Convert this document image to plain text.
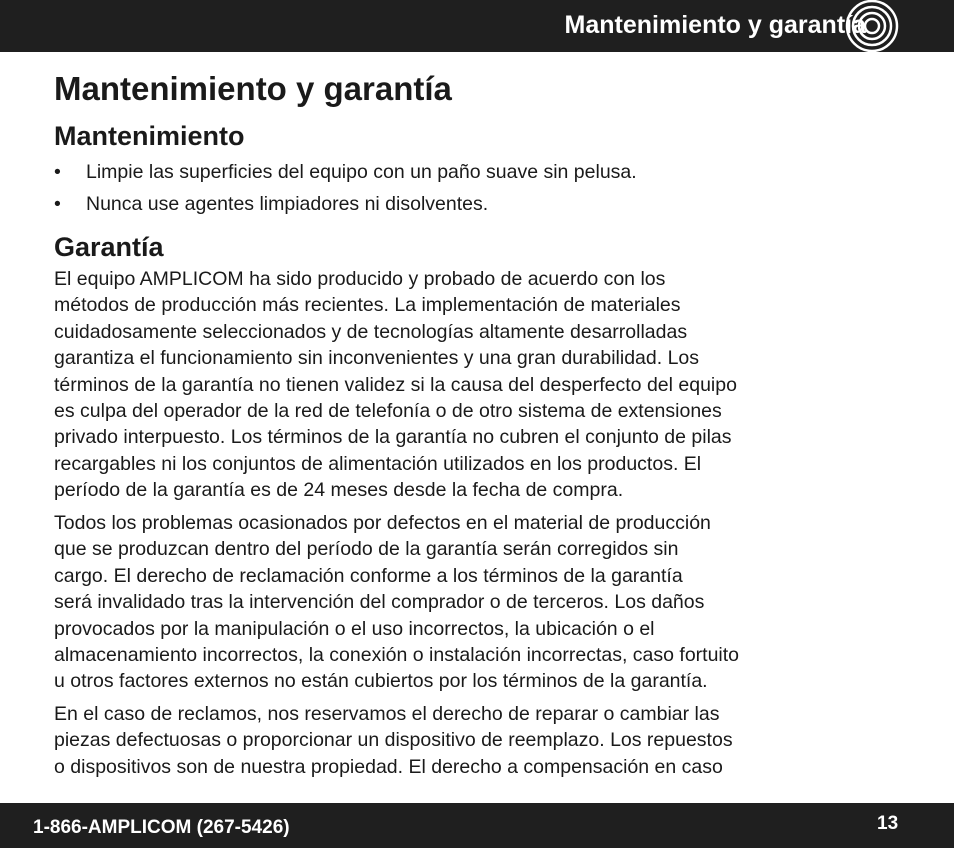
Mantenimiento y garantía
Mantenimiento y garantía
Mantenimiento
• Limpie las superficies del equipo con un paño suave sin pelusa.
• Nunca use agentes limpiadores ni disolventes.
Garantía

El equipo AMPLICOM ha sido producido y probado de acuerdo con los
métodos de producción más recientes. La implementación de materiales
cuidadosamente seleccionados y de tecnologías altamente desarrolladas
garantiza el funcionamiento sin inconvenientes y una gran durabilidad. Los
términos de la garantía no tienen validez si la causa del desperfecto del equipo
es culpa del operador de la red de telefonía o de otro sistema de extensiones
privado interpuesto. Los términos de la garantía no cubren el conjunto de pilas
recargables ni los conjuntos de alimentación utilizados en los productos. El
período de la garantía es de 24 meses desde la fecha de compra.

Todos los problemas ocasionados por defectos en el material de producción
que se produzcan dentro del período de la garantía serán corregidos sin
cargo. El derecho de reclamación conforme a los términos de la garantía
será invalidado tras la intervención del comprador o de terceros. Los daños
provocados por la manipulación o el uso incorrectos, la ubicación o el
almacenamiento incorrectos, la conexión o instalación incorrectas, caso fortuito
u otros factores externos no están cubiertos por los términos de la garantía.

En el caso de reclamos, nos reservamos el derecho de reparar o cambiar las
piezas defectuosas o proporcionar un dispositivo de reemplazo. Los repuestos
o dispositivos son de nuestra propiedad. El derecho a compensación en caso

1-866-AMPLICOM (267-5426)	13
